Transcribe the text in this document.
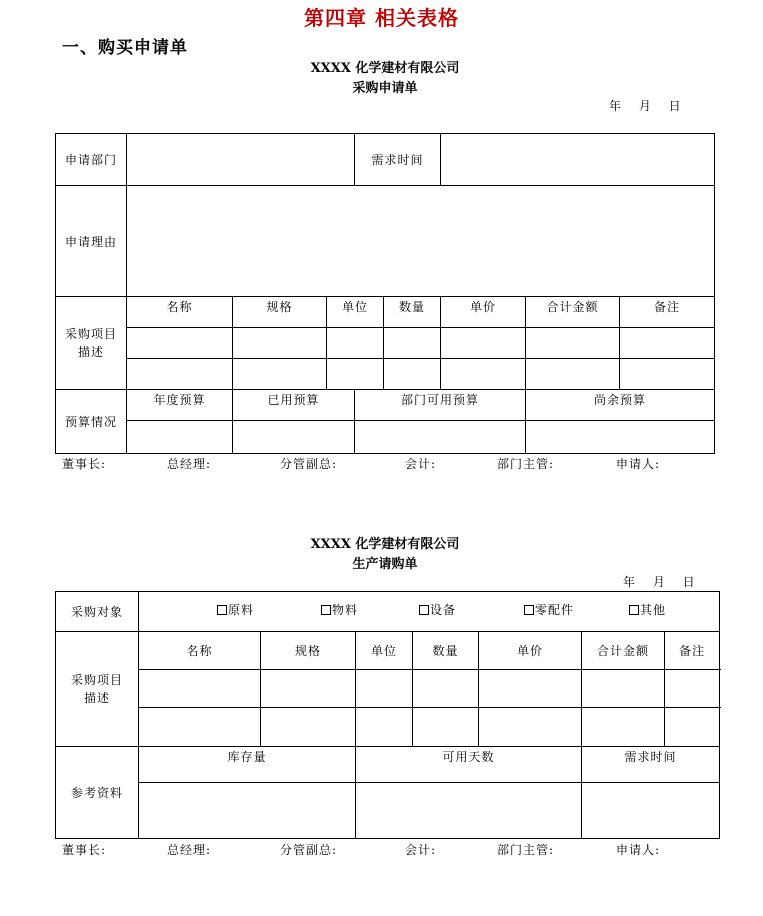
第四章 相关表格
一、购买申请单
XXXX 化学建材有限公司
采购申请单
年 月 日
申请部门				需求时间				
申请理由								
采购项目描述	名称	规格	单位		数量	单价	合计金额	备注

预算情况	年度预算	已用预算		部门可用预算			尚余预算	

董事长:	总经理:	分管副总:	会计:	部门主管:	申请人:
XXXX 化学建材有限公司
生产请购单
年 月 日
采购对象	原料 物料 设备 零配件 其他						

采购项目描述	名称	规格	单位	数量	单价	合计金额	备注

参考资料	库存量		可用天数			需求时间	

董事长:	总经理:	分管副总:	会计:	部门主管:	申请人:
